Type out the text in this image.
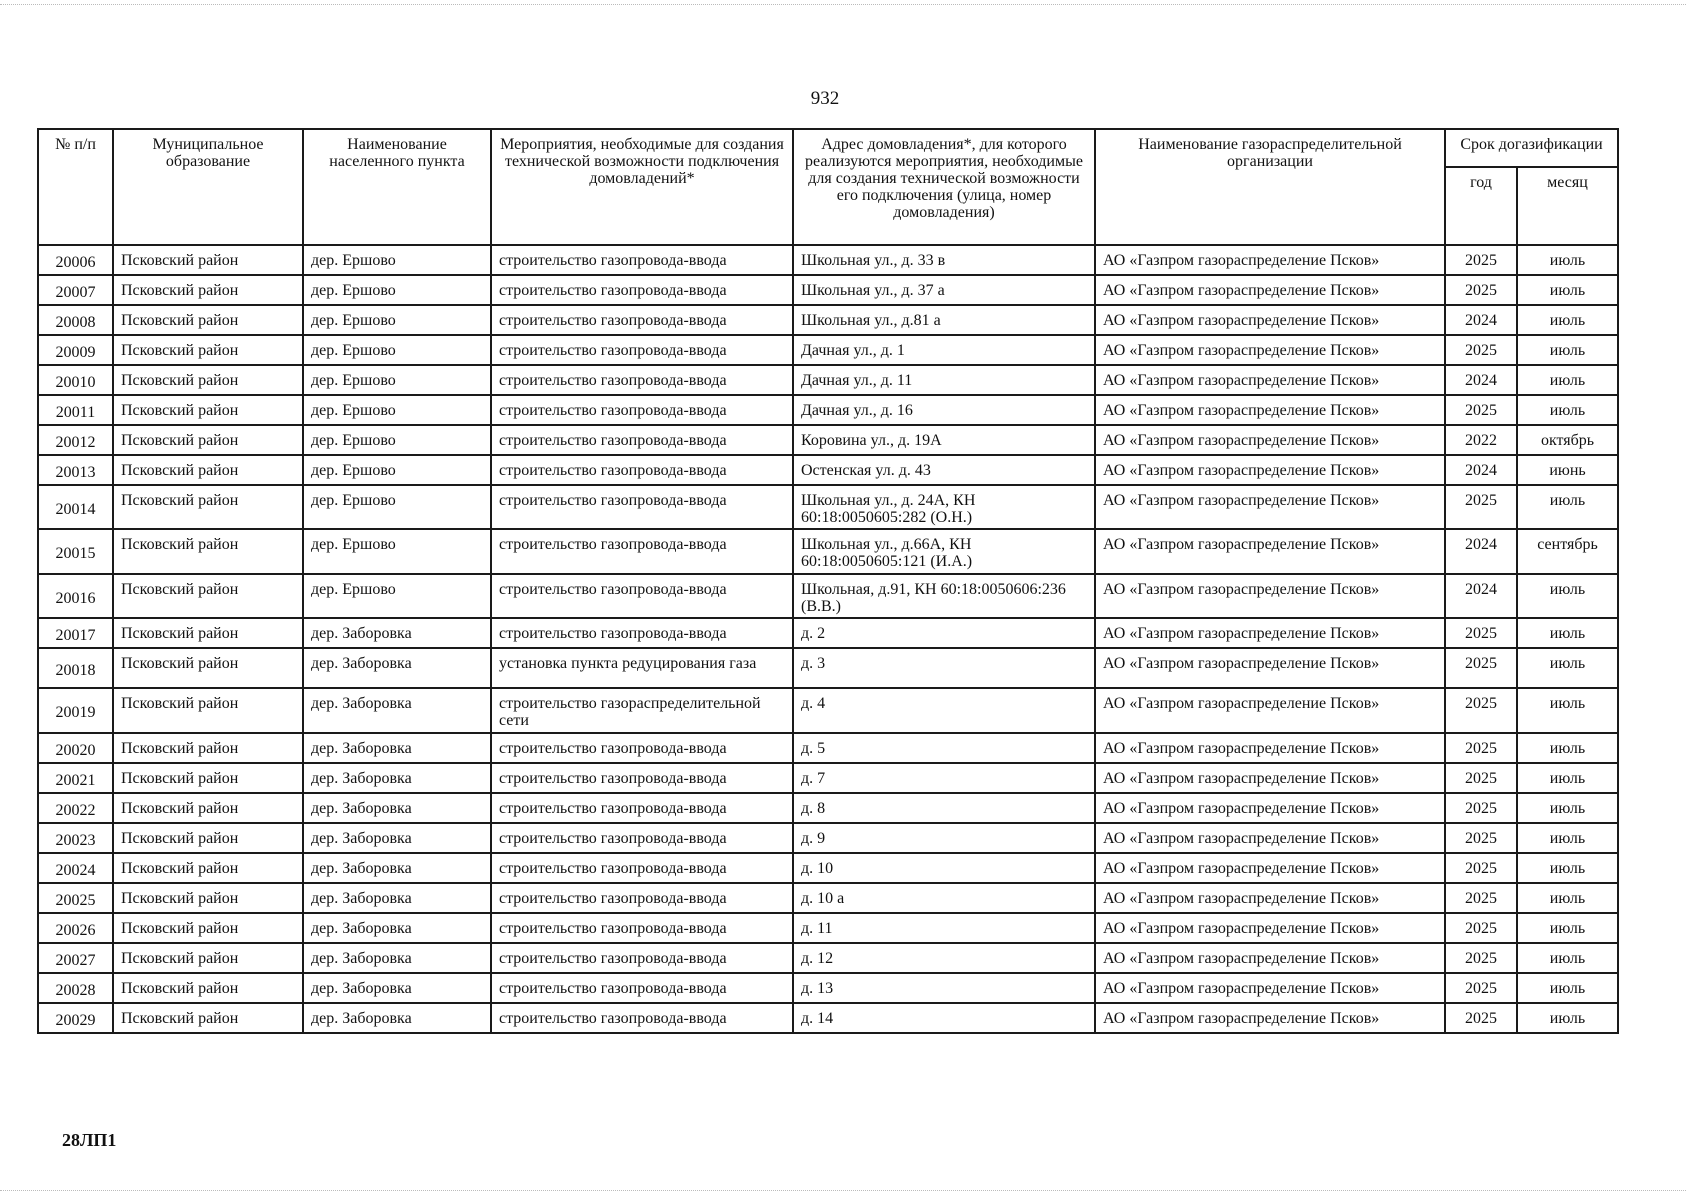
932
№ п/п	Муниципальное образование	Наименование населенного пункта	Мероприятия, необходимые для создания технической возможности подключения домовладений*	Адрес домовладения*, для которого реализуются мероприятия, необходимые для создания технической возможности его подключения (улица, номер домовладения)	Наименование газораспределительной организации	Срок догазификации	
						год	месяц
20006	Псковский район	дер. Ершово	строительство газопровода-ввода	Школьная ул., д. 33 в	АО «Газпром газораспределение Псков»	2025	июль
20007	Псковский район	дер. Ершово	строительство газопровода-ввода	Школьная ул., д. 37 а	АО «Газпром газораспределение Псков»	2025	июль
20008	Псковский район	дер. Ершово	строительство газопровода-ввода	Школьная ул., д.81 а	АО «Газпром газораспределение Псков»	2024	июль
20009	Псковский район	дер. Ершово	строительство газопровода-ввода	Дачная ул., д. 1	АО «Газпром газораспределение Псков»	2025	июль
20010	Псковский район	дер. Ершово	строительство газопровода-ввода	Дачная ул., д. 11	АО «Газпром газораспределение Псков»	2024	июль
20011	Псковский район	дер. Ершово	строительство газопровода-ввода	Дачная ул., д. 16	АО «Газпром газораспределение Псков»	2025	июль
20012	Псковский район	дер. Ершово	строительство газопровода-ввода	Коровина ул., д. 19А	АО «Газпром газораспределение Псков»	2022	октябрь
20013	Псковский район	дер. Ершово	строительство газопровода-ввода	Остенская ул. д. 43	АО «Газпром газораспределение Псков»	2024	июнь
20014	Псковский район	дер. Ершово	строительство газопровода-ввода	Школьная ул., д. 24А, КН 60:18:0050605:282 (О.Н.)	АО «Газпром газораспределение Псков»	2025	июль
20015	Псковский район	дер. Ершово	строительство газопровода-ввода	Школьная ул., д.66А, КН 60:18:0050605:121 (И.А.)	АО «Газпром газораспределение Псков»	2024	сентябрь
20016	Псковский район	дер. Ершово	строительство газопровода-ввода	Школьная, д.91, КН 60:18:0050606:236 (В.В.)	АО «Газпром газораспределение Псков»	2024	июль
20017	Псковский район	дер. Заборовка	строительство газопровода-ввода	д. 2	АО «Газпром газораспределение Псков»	2025	июль
20018	Псковский район	дер. Заборовка	установка пункта редуцирования газа	д. 3	АО «Газпром газораспределение Псков»	2025	июль
20019	Псковский район	дер. Заборовка	строительство газораспределительной сети	д. 4	АО «Газпром газораспределение Псков»	2025	июль
20020	Псковский район	дер. Заборовка	строительство газопровода-ввода	д. 5	АО «Газпром газораспределение Псков»	2025	июль
20021	Псковский район	дер. Заборовка	строительство газопровода-ввода	д. 7	АО «Газпром газораспределение Псков»	2025	июль
20022	Псковский район	дер. Заборовка	строительство газопровода-ввода	д. 8	АО «Газпром газораспределение Псков»	2025	июль
20023	Псковский район	дер. Заборовка	строительство газопровода-ввода	д. 9	АО «Газпром газораспределение Псков»	2025	июль
20024	Псковский район	дер. Заборовка	строительство газопровода-ввода	д. 10	АО «Газпром газораспределение Псков»	2025	июль
20025	Псковский район	дер. Заборовка	строительство газопровода-ввода	д. 10 а	АО «Газпром газораспределение Псков»	2025	июль
20026	Псковский район	дер. Заборовка	строительство газопровода-ввода	д. 11	АО «Газпром газораспределение Псков»	2025	июль
20027	Псковский район	дер. Заборовка	строительство газопровода-ввода	д. 12	АО «Газпром газораспределение Псков»	2025	июль
20028	Псковский район	дер. Заборовка	строительство газопровода-ввода	д. 13	АО «Газпром газораспределение Псков»	2025	июль
20029	Псковский район	дер. Заборовка	строительство газопровода-ввода	д. 14	АО «Газпром газораспределение Псков»	2025	июль
28ЛП1
